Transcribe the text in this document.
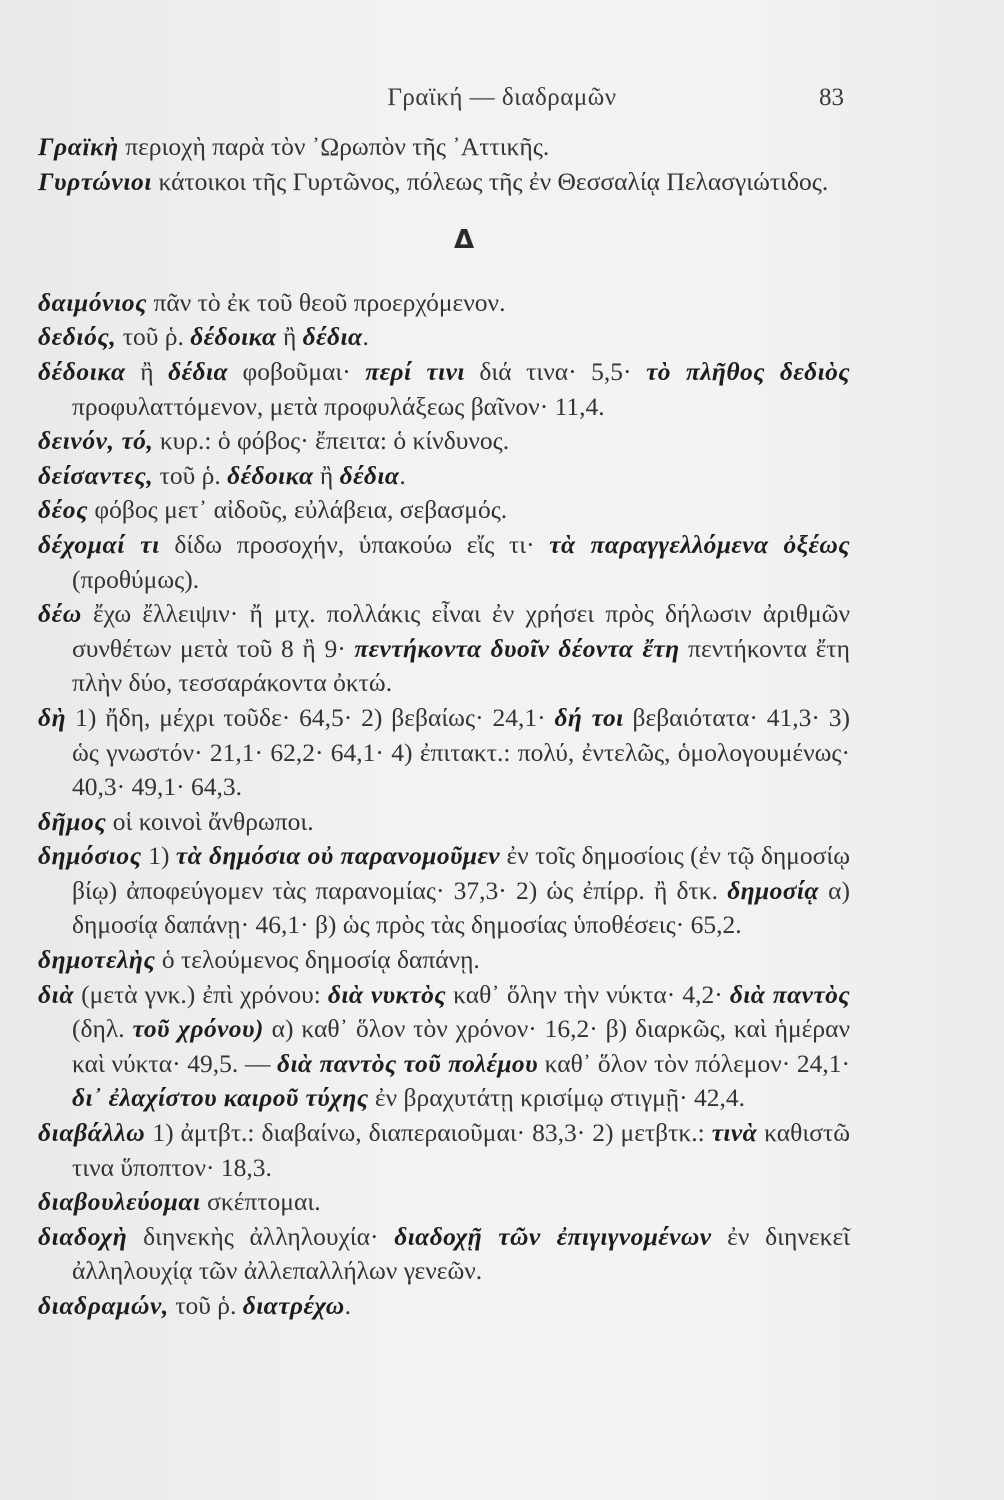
Γραϊκή — διαδραμῶν	83

Γραϊκὴ περιοχὴ παρὰ τὸν ᾿Ωρωπὸν τῆς ᾿Αττικῆς.

Γυρτώνιοι κάτοικοι τῆς Γυρτῶνος, πόλεως τῆς ἐν Θεσσαλίᾳ Πελασγιώτιδος.

Δ

δαιμόνιος πᾶν τὸ ἐκ τοῦ θεοῦ προερχόμενον.

δεδιός, τοῦ ῥ. δέδοικα ἢ δέδια.

δέδοικα ἢ δέδια φοβοῦμαι· περί τινι διά τινα· 5,5· τὸ πλῆθος δεδιὸς προφυλαττόμενον, μετὰ προφυλάξεως βαῖνον· 11,4.

δεινόν, τό, κυρ.: ὁ φόβος· ἔπειτα: ὁ κίνδυνος.

δείσαντες, τοῦ ῥ. δέδοικα ἢ δέδια.

δέος φόβος μετ᾿ αἰδοῦς, εὐλάβεια, σεβασμός.

δέχομαί τι δίδω προσοχήν, ὑπακούω εἴς τι· τὰ παραγγελλόμενα ὀξέως (προθύμως).

δέω ἔχω ἔλλειψιν· ἤ μτχ. πολλάκις εἶναι ἐν χρήσει πρὸς δήλωσιν ἀριθμῶν συνθέτων μετὰ τοῦ 8 ἢ 9· πεντήκοντα δυοῖν δέοντα ἔτη πεντήκοντα ἔτη πλὴν δύο, τεσσαράκοντα ὀκτώ.

δὴ 1) ἤδη, μέχρι τοῦδε· 64,5· 2) βεβαίως· 24,1· δή τοι βεβαιότατα· 41,3· 3) ὡς γνωστόν· 21,1· 62,2· 64,1· 4) ἐπιτακτ.: πολύ, ἐντελῶς, ὁμολογουμένως· 40,3· 49,1· 64,3.

δῆμος οἱ κοινοὶ ἄνθρωποι.

δημόσιος 1) τὰ δημόσια οὐ παρανομοῦμεν ἐν τοῖς δημοσίοις (ἐν τῷ δημοσίῳ βίῳ) ἀποφεύγομεν τὰς παρανομίας· 37,3· 2) ὡς ἐπίρρ. ἢ δτκ. δημοσίᾳ α) δημοσίᾳ δαπάνῃ· 46,1· β) ὡς πρὸς τὰς δημοσίας ὑποθέσεις· 65,2.

δημοτελὴς ὁ τελούμενος δημοσίᾳ δαπάνῃ.

διὰ (μετὰ γνκ.) ἐπὶ χρόνου: διὰ νυκτὸς καθ᾿ ὅλην τὴν νύκτα· 4,2· διὰ παντὸς (δηλ. τοῦ χρόνου) α) καθ᾿ ὅλον τὸν χρόνον· 16,2· β) διαρκῶς, καὶ ἡμέραν καὶ νύκτα· 49,5. — διὰ παντὸς τοῦ πολέμου καθ᾿ ὅλον τὸν πόλεμον· 24,1· δι᾿ ἐλαχίστου καιροῦ τύχης ἐν βραχυτάτῃ κρισίμῳ στιγμῇ· 42,4.

διαβάλλω 1) ἀμτβτ.: διαβαίνω, διαπεραιοῦμαι· 83,3· 2) μετβτκ.: τινὰ καθιστῶ τινα ὕποπτον· 18,3.

διαβουλεύομαι σκέπτομαι.

διαδοχὴ διηνεκὴς ἀλληλουχία· διαδοχῇ τῶν ἐπιγιγνομένων ἐν διηνεκεῖ ἀλληλουχίᾳ τῶν ἀλλεπαλλήλων γενεῶν.

διαδραμών, τοῦ ῥ. διατρέχω.
